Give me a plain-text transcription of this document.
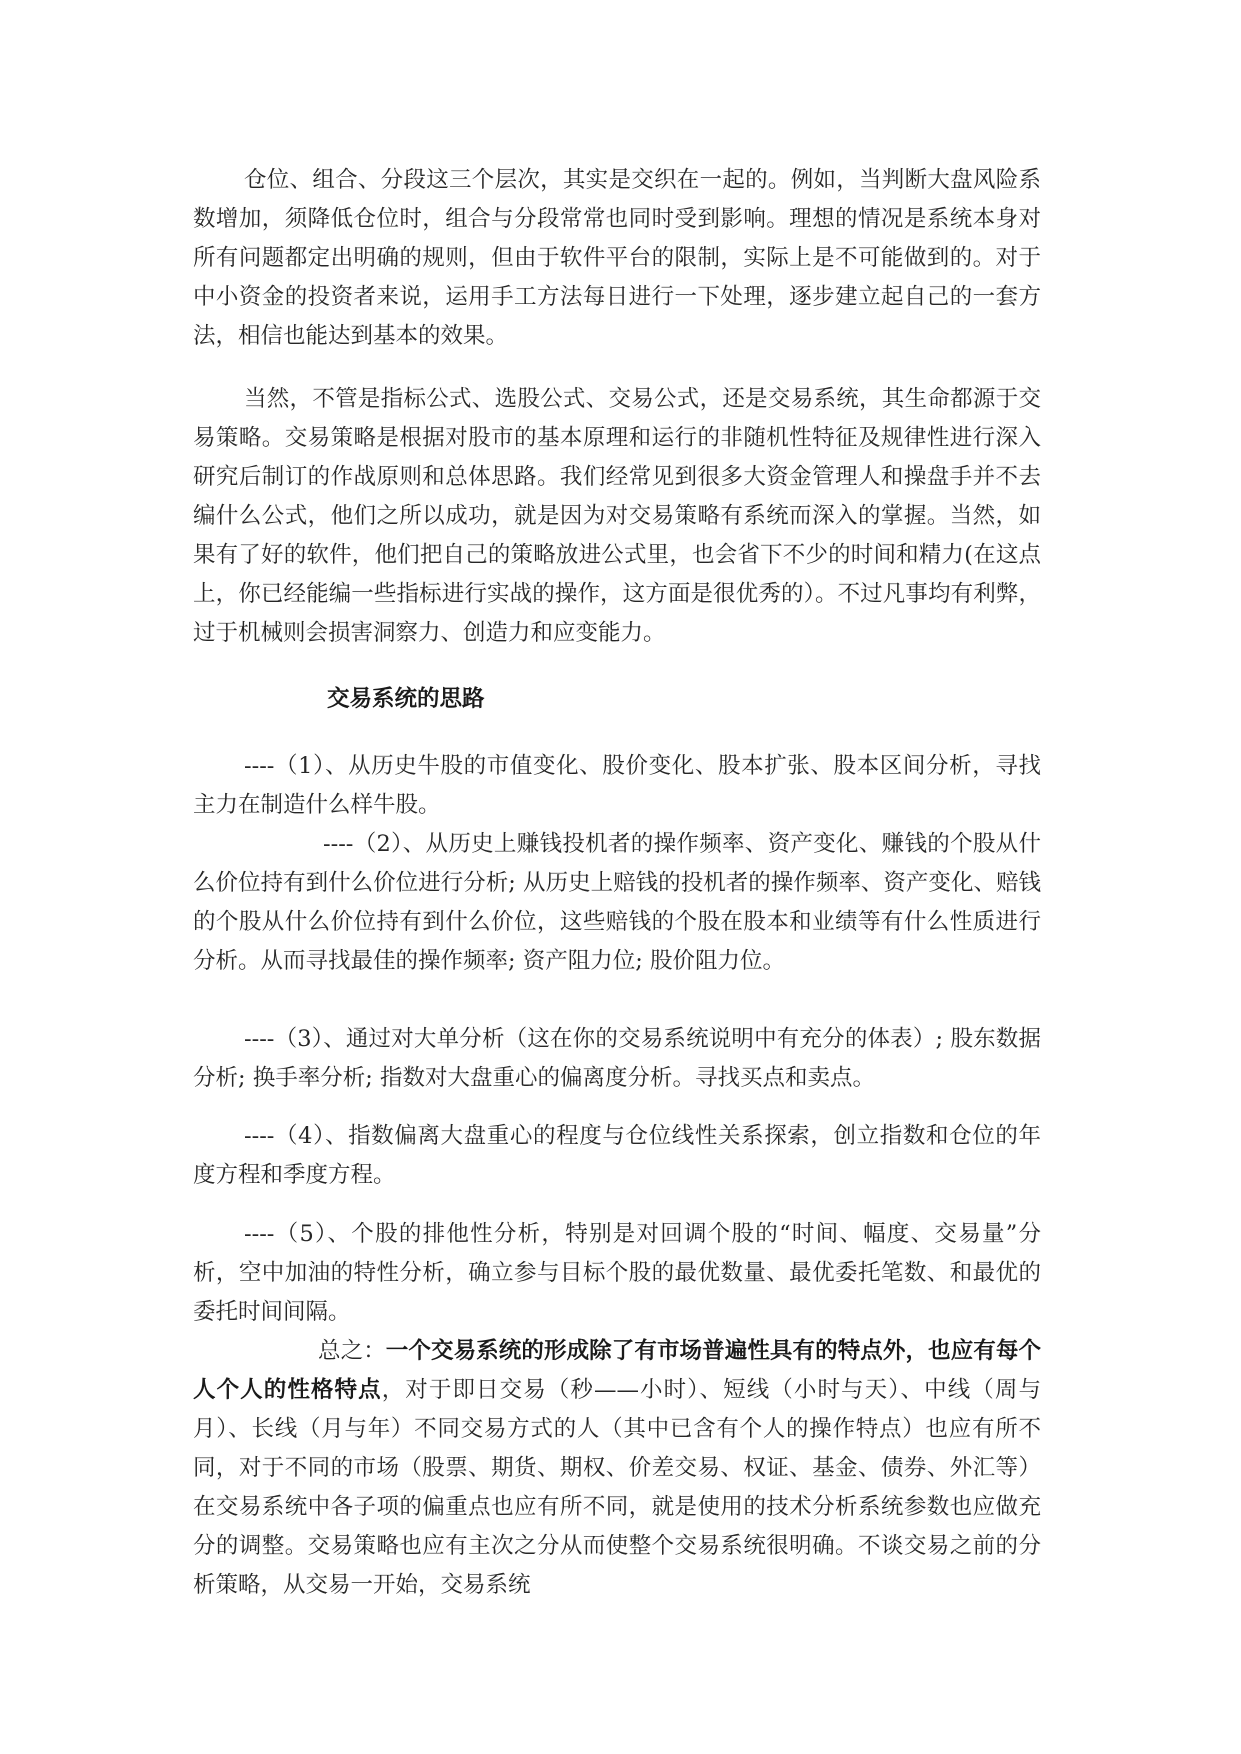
仓位、组合、分段这三个层次，其实是交织在一起的。例如，当判断大盘风险系数增加，须降低仓位时，组合与分段常常也同时受到影响。理想的情况是系统本身对所有问题都定出明确的规则，但由于软件平台的限制，实际上是不可能做到的。对于中小资金的投资者来说，运用手工方法每日进行一下处理，逐步建立起自己的一套方法，相信也能达到基本的效果。

当然，不管是指标公式、选股公式、交易公式，还是交易系统，其生命都源于交易策略。交易策略是根据对股市的基本原理和运行的非随机性特征及规律性进行深入研究后制订的作战原则和总体思路。我们经常见到很多大资金管理人和操盘手并不去编什么公式，他们之所以成功，就是因为对交易策略有系统而深入的掌握。当然，如果有了好的软件，他们把自己的策略放进公式里，也会省下不少的时间和精力(在这点上，你已经能编一些指标进行实战的操作，这方面是很优秀的）。不过凡事均有利弊，过于机械则会损害洞察力、创造力和应变能力。

交易系统的思路

----（1）、从历史牛股的市值变化、股价变化、股本扩张、股本区间分析，寻找主力在制造什么样牛股。

----（2）、从历史上赚钱投机者的操作频率、资产变化、赚钱的个股从什么价位持有到什么价位进行分析; 从历史上赔钱的投机者的操作频率、资产变化、赔钱的个股从什么价位持有到什么价位，这些赔钱的个股在股本和业绩等有什么性质进行分析。从而寻找最佳的操作频率; 资产阻力位; 股价阻力位。

----（3）、通过对大单分析（这在你的交易系统说明中有充分的体表）; 股东数据分析; 换手率分析; 指数对大盘重心的偏离度分析。寻找买点和卖点。

----（4）、指数偏离大盘重心的程度与仓位线性关系探索，创立指数和仓位的年度方程和季度方程。

----（5）、个股的排他性分析，特别是对回调个股的“时间、幅度、交易量”分析，空中加油的特性分析，确立参与目标个股的最优数量、最优委托笔数、和最优的委托时间间隔。

总之：一个交易系统的形成除了有市场普遍性具有的特点外，也应有每个人个人的性格特点，对于即日交易（秒——小时）、短线（小时与天）、中线（周与月）、长线（月与年）不同交易方式的人（其中已含有个人的操作特点）也应有所不同，对于不同的市场（股票、期货、期权、价差交易、权证、基金、债券、外汇等）在交易系统中各子项的偏重点也应有所不同，就是使用的技术分析系统参数也应做充分的调整。交易策略也应有主次之分从而使整个交易系统很明确。不谈交易之前的分析策略，从交易一开始，交易系统
